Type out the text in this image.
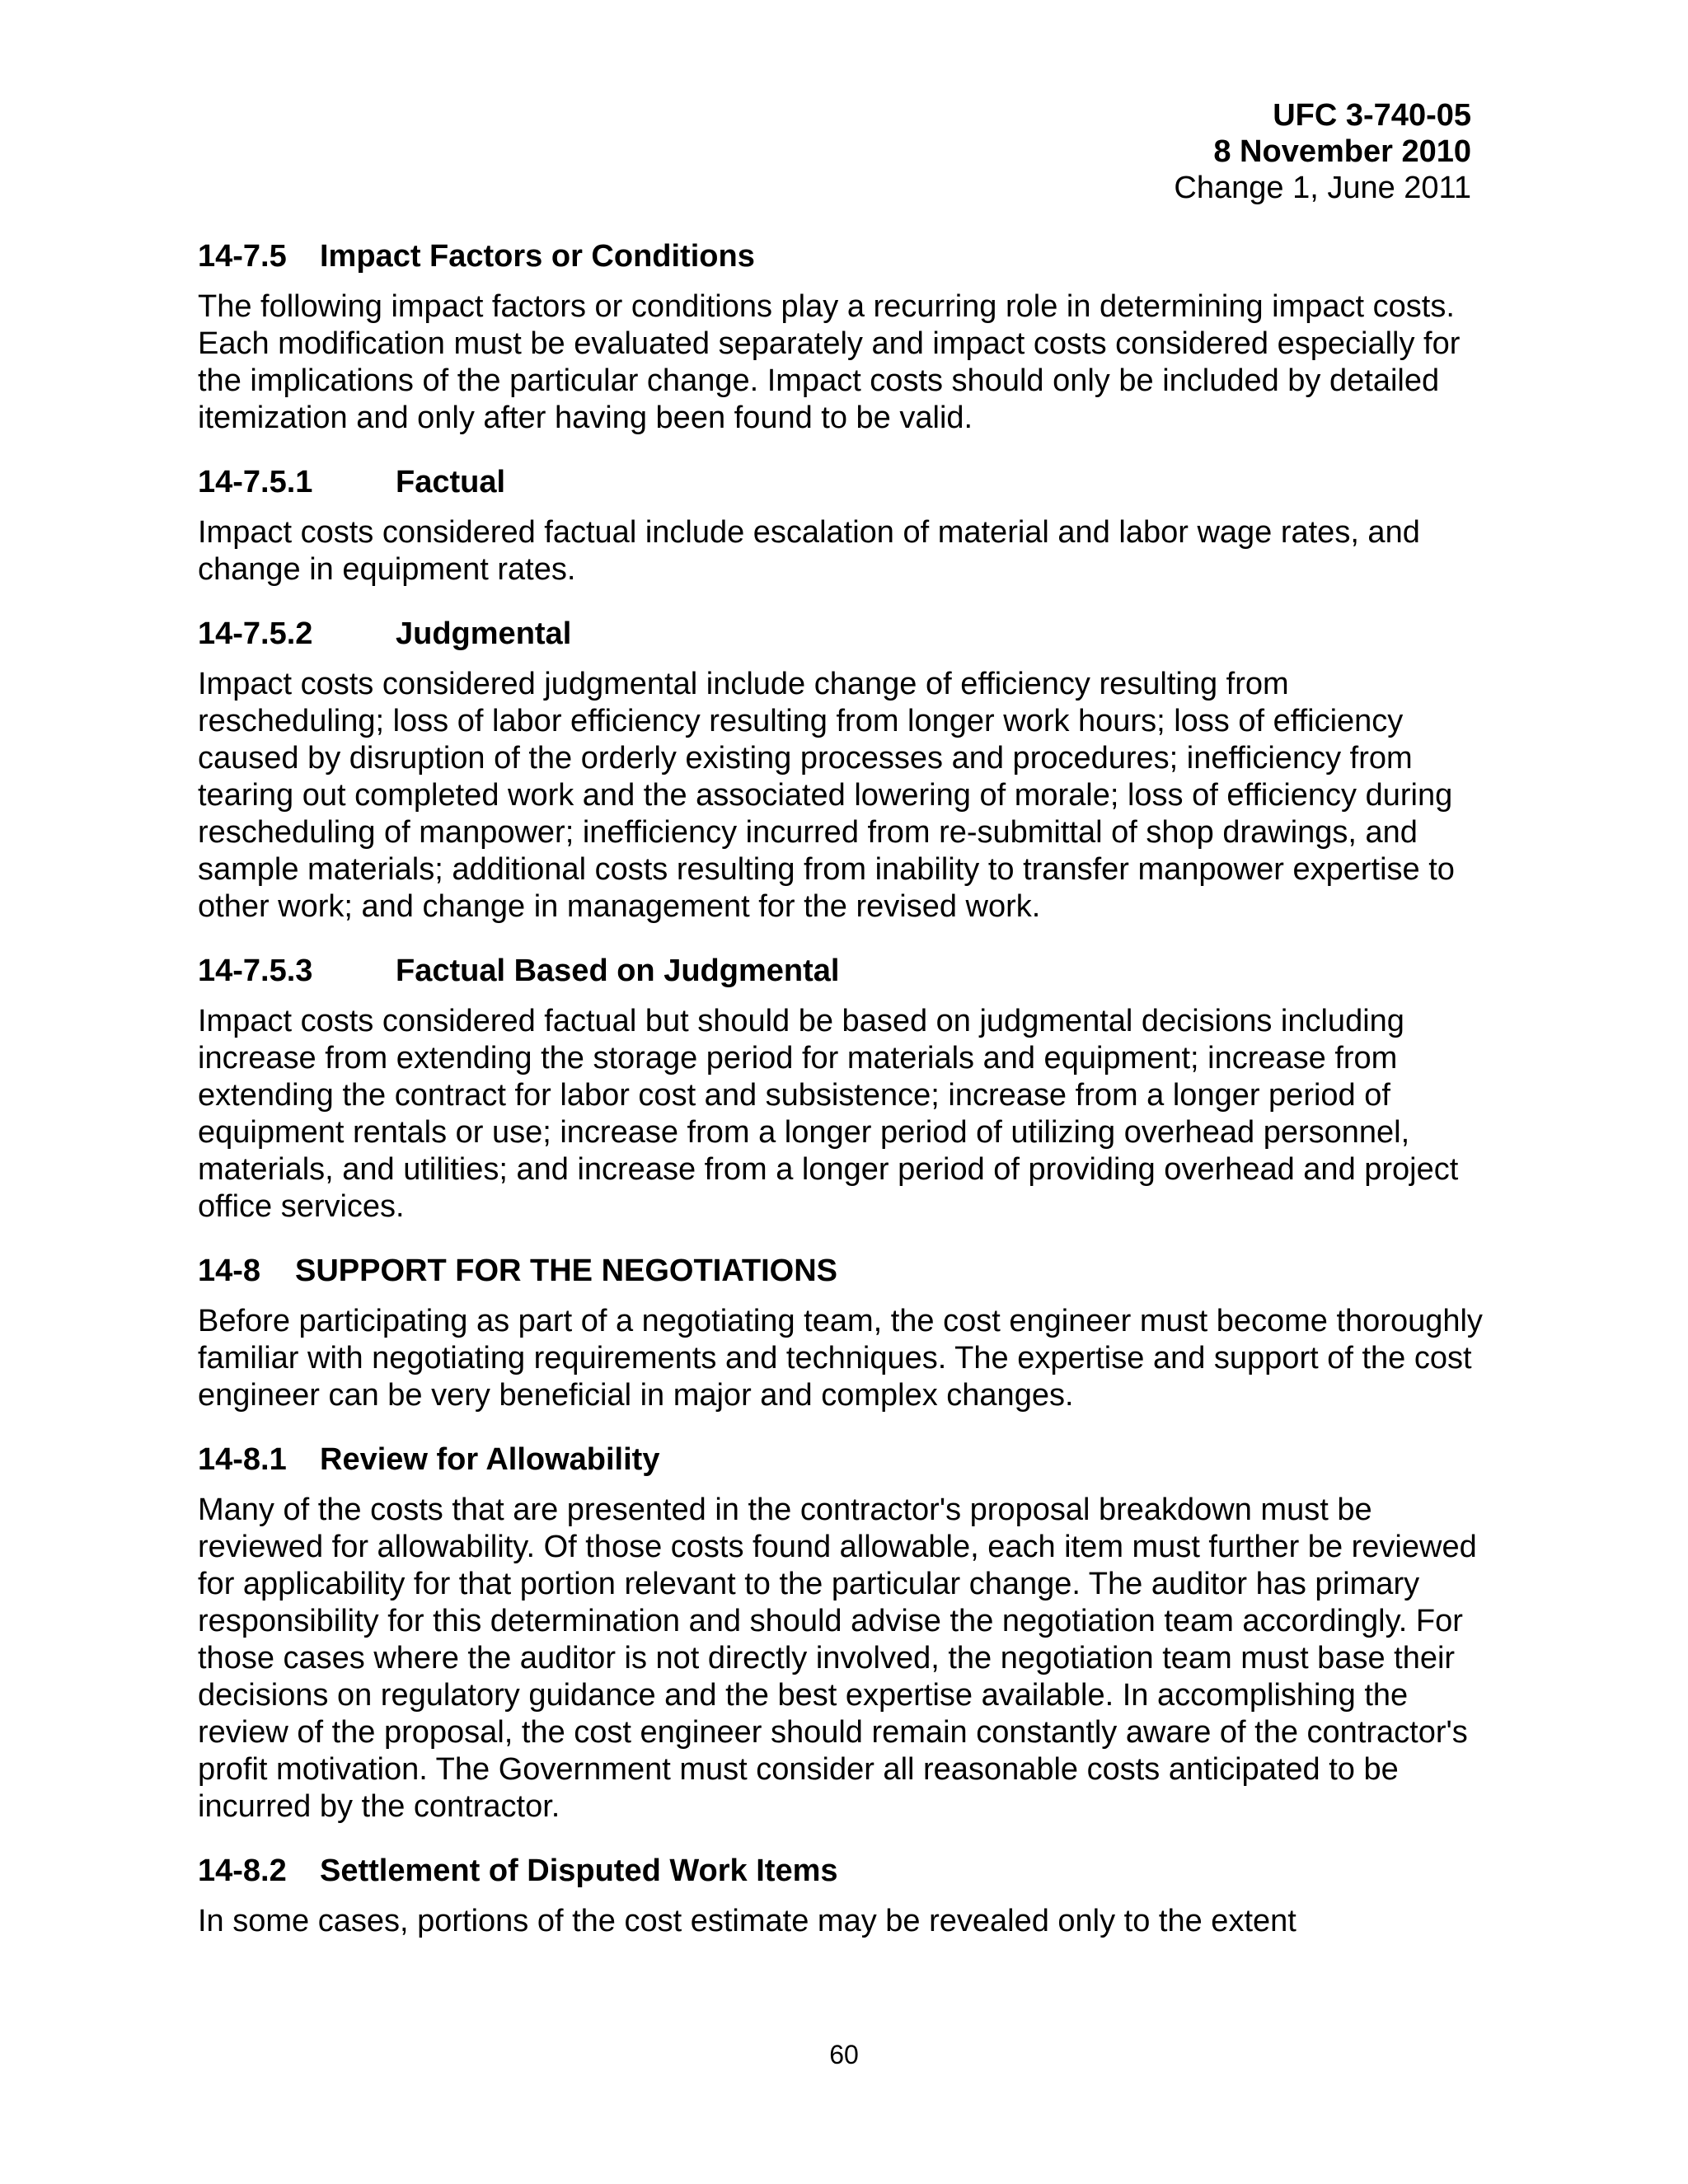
UFC 3-740-05
8 November 2010
Change 1, June 2011
14-7.5 Impact Factors or Conditions
The following impact factors or conditions play a recurring role in determining impact costs. Each modification must be evaluated separately and impact costs considered especially for the implications of the particular change. Impact costs should only be included by detailed itemization and only after having been found to be valid.
14-7.5.1	Factual
Impact costs considered factual include escalation of material and labor wage rates, and change in equipment rates.
14-7.5.2	Judgmental
Impact costs considered judgmental include change of efficiency resulting from rescheduling; loss of labor efficiency resulting from longer work hours; loss of efficiency caused by disruption of the orderly existing processes and procedures; inefficiency from tearing out completed work and the associated lowering of morale; loss of efficiency during rescheduling of manpower; inefficiency incurred from re-submittal of shop drawings, and sample materials; additional costs resulting from inability to transfer manpower expertise to other work; and change in management for the revised work.
14-7.5.3	Factual Based on Judgmental
Impact costs considered factual but should be based on judgmental decisions including increase from extending the storage period for materials and equipment; increase from extending the contract for labor cost and subsistence; increase from a longer period of equipment rentals or use; increase from a longer period of utilizing overhead personnel, materials, and utilities; and increase from a longer period of providing overhead and project office services.
14-8 SUPPORT FOR THE NEGOTIATIONS
Before participating as part of a negotiating team, the cost engineer must become thoroughly familiar with negotiating requirements and techniques. The expertise and support of the cost engineer can be very beneficial in major and complex changes.
14-8.1 Review for Allowability
Many of the costs that are presented in the contractor's proposal breakdown must be reviewed for allowability. Of those costs found allowable, each item must further be reviewed for applicability for that portion relevant to the particular change. The auditor has primary responsibility for this determination and should advise the negotiation team accordingly. For those cases where the auditor is not directly involved, the negotiation team must base their decisions on regulatory guidance and the best expertise available. In accomplishing the review of the proposal, the cost engineer should remain constantly aware of the contractor's profit motivation. The Government must consider all reasonable costs anticipated to be incurred by the contractor.
14-8.2 Settlement of Disputed Work Items
In some cases, portions of the cost estimate may be revealed only to the extent
60
